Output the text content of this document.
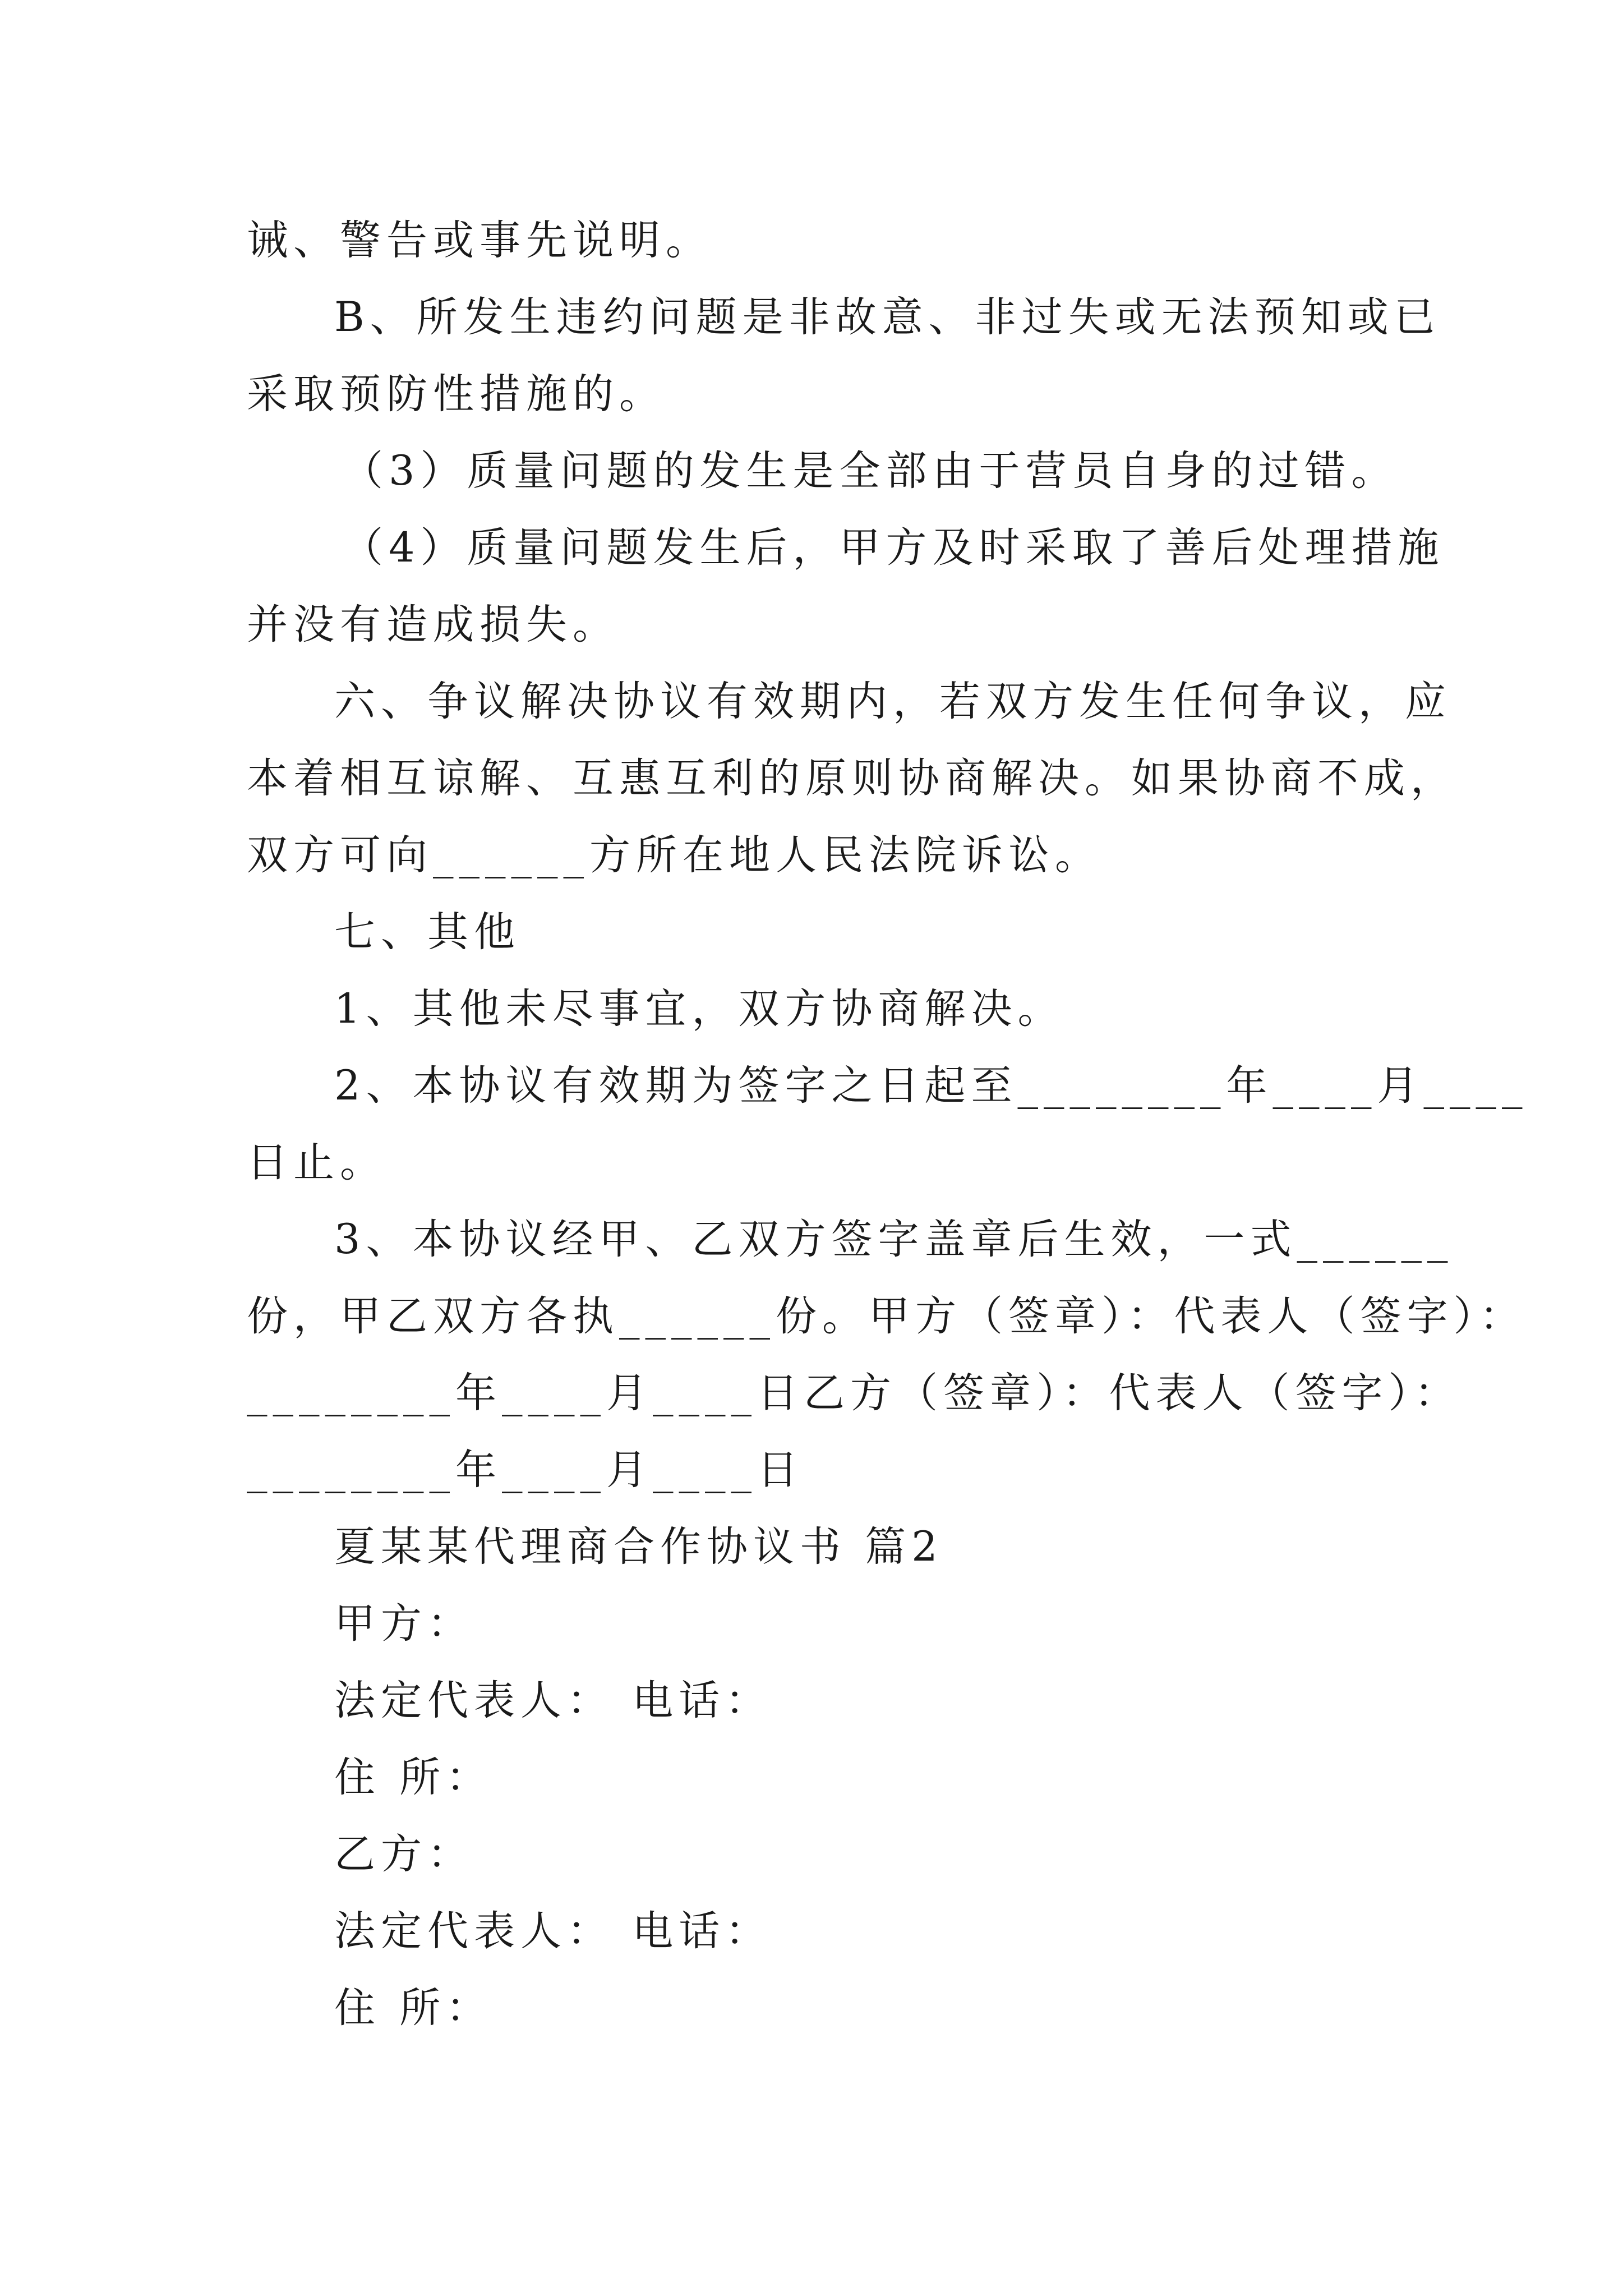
诫、警告或事先说明。
B、所发生违约问题是非故意、非过失或无法预知或已
采取预防性措施的。
（3）质量问题的发生是全部由于营员自身的过错。
（4）质量问题发生后，甲方及时采取了善后处理措施
并没有造成损失。
六、争议解决协议有效期内，若双方发生任何争议，应
本着相互谅解、互惠互利的原则协商解决。如果协商不成，
双方可向______方所在地人民法院诉讼。
七、其他
1、其他未尽事宜，双方协商解决。
2、本协议有效期为签字之日起至________年____月____
日止。
3、本协议经甲、乙双方签字盖章后生效，一式______
份，甲乙双方各执______份。甲方（签章）：代表人（签字）：
________年____月____日乙方（签章）：代表人（签字）：
________年____月____日
夏某某代理商合作协议书 篇2
甲方：
法定代表人： 电话：
住 所：
乙方：
法定代表人： 电话：
住 所：
